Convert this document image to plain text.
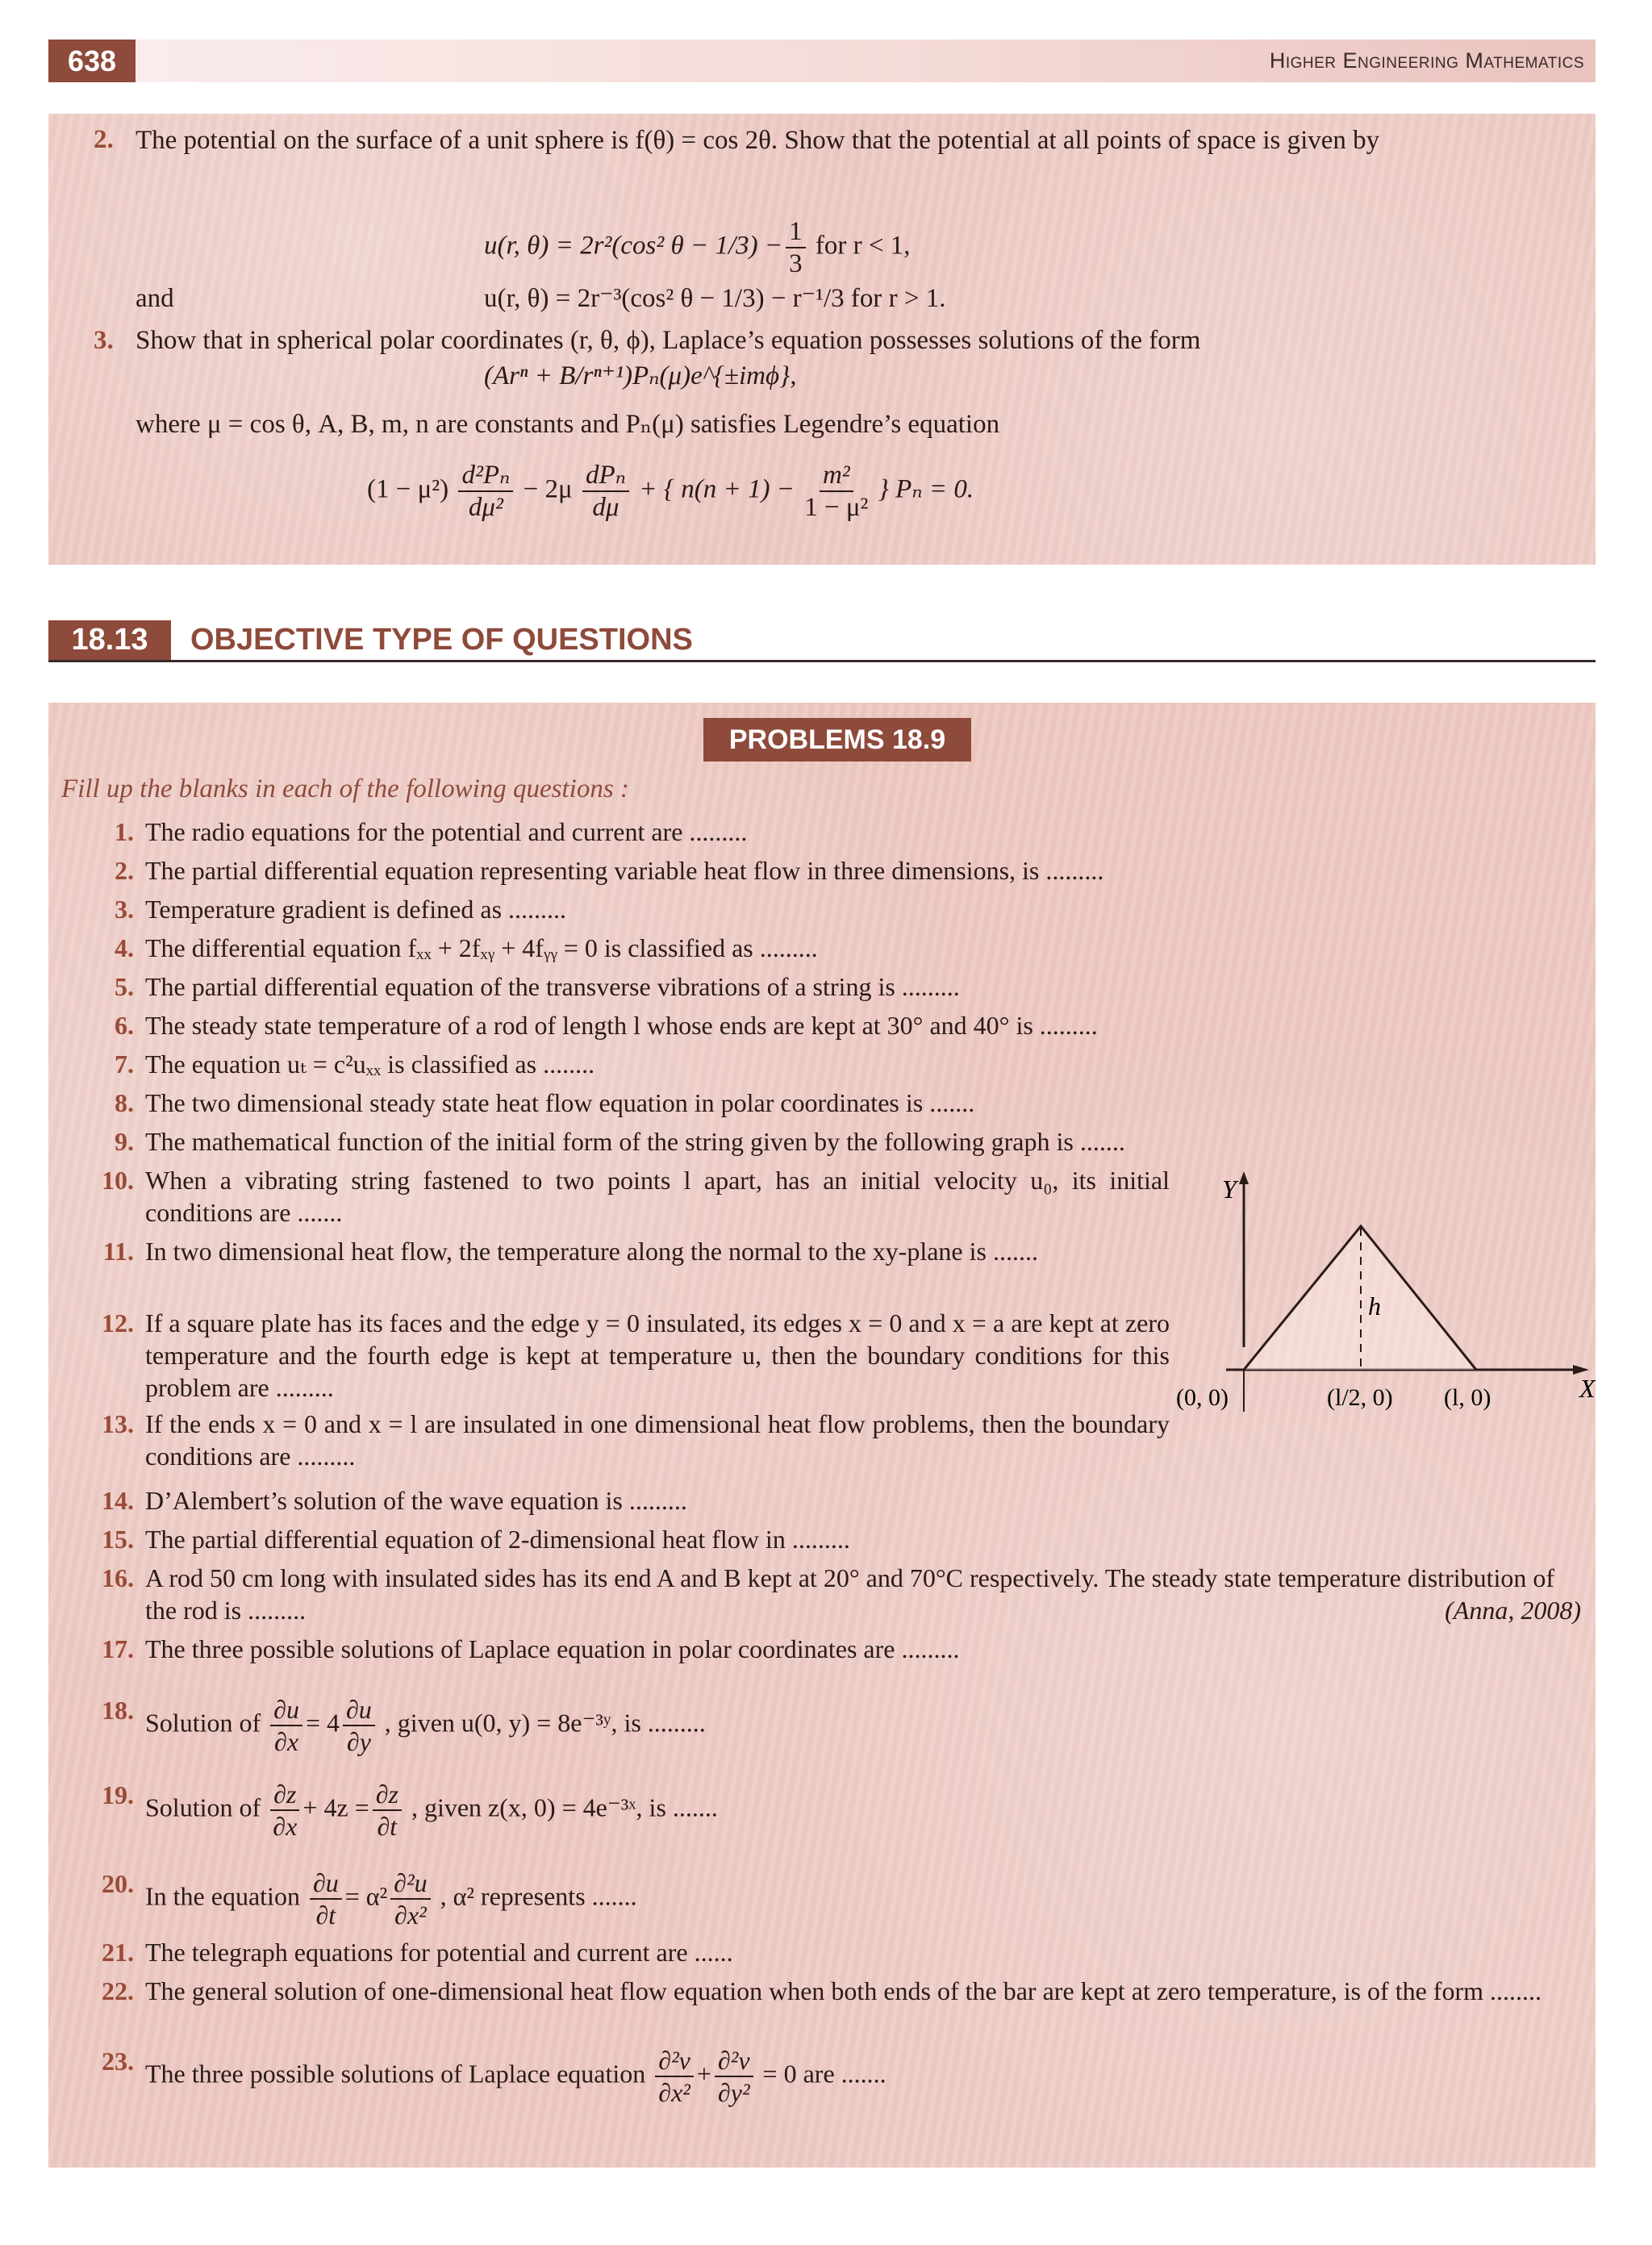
638	Higher Engineering Mathematics
2. The potential on the surface of a unit sphere is f(θ) = cos 2θ. Show that the potential at all points of space is given by
u(r, θ) = 2r²(cos² $\theta - 1/3) - \frac{1}{3}$ for r < 1,
and	u(r, θ) = 2r⁻³(cos² θ − 1/3) − r⁻¹/3 for r > 1.
3. Show that in spherical polar coordinates (r, θ, ϕ), Laplace’s equation possesses solutions of the form
(Arⁿ + B/rⁿ⁺¹)Pₙ(μ)e^{±imϕ},
where μ = cos θ, A, B, m, n are constants and Pₙ(μ) satisfies Legendre’s equation
$(1 - \mu^2) \frac{\text{d²Pₙ}}{\text{dμ²}} - 2\mu \frac{\text{dPₙ}}{d\mu}$ + { $n(n + 1) - \frac{\text{m²}}{\text{1 − μ²}}$ } Pₙ = 0.
18.13	OBJECTIVE TYPE OF QUESTIONS
PROBLEMS 18.9
Fill up the blanks in each of the following questions :
1. The radio equations for the potential and current are .........
2. The partial differential equation representing variable heat flow in three dimensions, is .........
3. Temperature gradient is defined as .........
4. The differential equation fₓₓ + 2fₓᵧ + 4fᵧᵧ = 0 is classified as .........
5. The partial differential equation of the transverse vibrations of a string is .........
6. The steady state temperature of a rod of length l whose ends are kept at 30° and 40° is .........
7. The equation uₜ = c²uₓₓ is classified as ........
8. The two dimensional steady state heat flow equation in polar coordinates is .......
9. The mathematical function of the initial form of the string given by the following graph is .......
10. When a vibrating string fastened to two points l apart, has an initial velocity u₀, its initial conditions are .......
11. In two dimensional heat flow, the temperature along the normal to the xy-plane is .......
12. If a square plate has its faces and the edge y = 0 insulated, its edges x = 0 and x = a are kept at zero temperature and the fourth edge is kept at temperature u, then the boundary conditions for this problem are .........
13. If the ends x = 0 and x = l are insulated in one dimensional heat flow problems, then the boundary conditions are .........
14. D’Alembert’s solution of the wave equation is .........
15. The partial differential equation of 2-dimensional heat flow in .........
16. A rod 50 cm long with insulated sides has its end A and B kept at 20° and 70°C respectively. The steady state temperature distribution of the rod is .........	(Anna, 2008)
17. The three possible solutions of Laplace equation in polar coordinates are .........
18. Solution of $\frac{\partial u}{\partial x} = 4 \frac{\partial u}{\partial y}$ , given u(0, y) = 8e⁻³ʸ, is .........
19. Solution of $\frac{\partial z}{\partial x} + 4z = \frac{\partial z}{\partial t}$ , given z(x, 0) = 4e⁻³ˣ, is .......
20. In the equation $\frac{\partial u}{\partial t} = \alpha^2 \frac{\text{∂²u}}{\text{∂x²}}$ , α² represents .......
21. The telegraph equations for potential and current are ......
22. The general solution of one-dimensional heat flow equation when both ends of the bar are kept at zero temperature, is of the form ........
23. The three possible solutions of Laplace equation $\frac{\text{∂²v}}{\text{∂x²}} + \frac{\text{∂²v}}{\text{∂y²}} = 0$ are .......
Y
X
h
(0, 0)	(l/2, 0) (l, 0)
